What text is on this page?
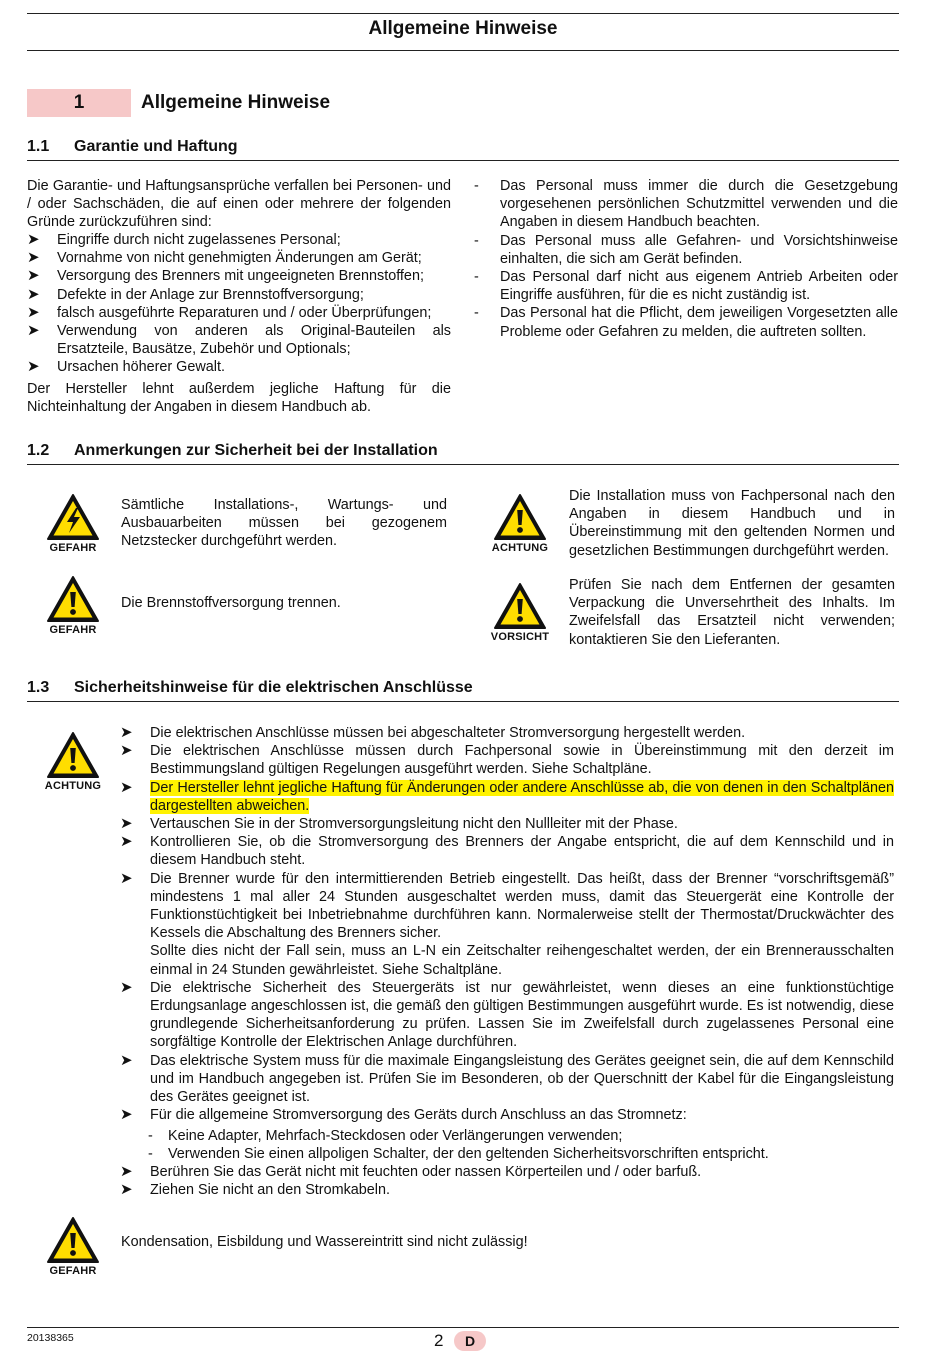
Allgemeine Hinweise
1	Allgemeine Hinweise
1.1 Garantie und Haftung

Die Garantie- und Haftungsansprüche verfallen bei Personen- und / oder Sachschäden, die auf einen oder mehrere der folgenden Gründe zurückzuführen sind:

➤ Eingriffe durch nicht zugelassenes Personal;
➤ Vornahme von nicht genehmigten Änderungen am Gerät;
➤ Versorgung des Brenners mit ungeeigneten Brennstoffen;
➤ Defekte in der Anlage zur Brennstoffversorgung;
➤ falsch ausgeführte Reparaturen und / oder Überprüfungen;
➤ Verwendung von anderen als Original-Bauteilen als Ersatzteile, Bausätze, Zubehör und Optionals;
➤ Ursachen höherer Gewalt.

Der Hersteller lehnt außerdem jegliche Haftung für die Nichteinhaltung der Angaben in diesem Handbuch ab.

- Das Personal muss immer die durch die Gesetzgebung vorgesehenen persönlichen Schutzmittel verwenden und die Angaben in diesem Handbuch beachten.
- Das Personal muss alle Gefahren- und Vorsichtshinweise einhalten, die sich am Gerät befinden.
- Das Personal darf nicht aus eigenem Antrieb Arbeiten oder Eingriffe ausführen, für die es nicht zuständig ist.
- Das Personal hat die Pflicht, dem jeweiligen Vorgesetzten alle Probleme oder Gefahren zu melden, die auftreten sollten.
1.2 Anmerkungen zur Sicherheit bei der Installation
GEFAHR

Sämtliche Installations-, Wartungs- und Ausbauarbeiten müssen bei gezogenem Netzstecker durchgeführt werden.

GEFAHR

Die Brennstoffversorgung trennen.

ACHTUNG

Die Installation muss von Fachpersonal nach den Angaben in diesem Handbuch und in Übereinstimmung mit den geltenden Normen und gesetzlichen Bestimmungen durchgeführt werden.

VORSICHT

Prüfen Sie nach dem Entfernen der gesamten Verpackung die Unversehrtheit des Inhalts. Im Zweifelsfall das Ersatzteil nicht verwenden; kontaktieren Sie den Lieferanten.

1.3 Sicherheitshinweise für die elektrischen Anschlüsse
ACHTUNG
➤ Die elektrischen Anschlüsse müssen bei abgeschalteter Stromversorgung hergestellt werden.
➤ Die elektrischen Anschlüsse müssen durch Fachpersonal sowie in Übereinstimmung mit den derzeit im Bestimmungsland gültigen Regelungen ausgeführt werden. Siehe Schaltpläne.
➤ Der Hersteller lehnt jegliche Haftung für Änderungen oder andere Anschlüsse ab, die von denen in den Schaltplänen dargestellten abweichen.
➤ Vertauschen Sie in der Stromversorgungsleitung nicht den Nullleiter mit der Phase.
➤ Kontrollieren Sie, ob die Stromversorgung des Brenners der Angabe entspricht, die auf dem Kennschild und in diesem Handbuch steht.
➤ Die Brenner wurde für den intermittierenden Betrieb eingestellt. Das heißt, dass der Brenner “vorschriftsgemäß” mindestens 1 mal aller 24 Stunden ausgeschaltet werden muss, damit das Steuergerät eine Kontrolle der Funktionstüchtigkeit bei Inbetriebnahme durchführen kann. Normalerweise stellt der Thermostat/Druckwächter des Kessels die Abschaltung des Brenners sicher.
Sollte dies nicht der Fall sein, muss an L-N ein Zeitschalter reihengeschaltet werden, der ein Brennerausschalten einmal in 24 Stunden gewährleistet. Siehe Schaltpläne.
➤ Die elektrische Sicherheit des Steuergeräts ist nur gewährleistet, wenn dieses an eine funktionstüchtige Erdungsanlage angeschlossen ist, die gemäß den gültigen Bestimmungen ausgeführt wurde. Es ist notwendig, diese grundlegende Sicherheitsanforderung zu prüfen. Lassen Sie im Zweifelsfall durch zugelassenes Personal eine sorgfältige Kontrolle der Elektrischen Anlage durchführen.
➤ Das elektrische System muss für die maximale Eingangsleistung des Gerätes geeignet sein, die auf dem Kennschild und im Handbuch angegeben ist. Prüfen Sie im Besonderen, ob der Querschnitt der Kabel für die Eingangsleistung des Gerätes geeignet ist.
➤ Für die allgemeine Stromversorgung des Geräts durch Anschluss an das Stromnetz:
- Keine Adapter, Mehrfach-Steckdosen oder Verlängerungen verwenden;
- Verwenden Sie einen allpoligen Schalter, der den geltenden Sicherheitsvorschriften entspricht.
➤ Berühren Sie das Gerät nicht mit feuchten oder nassen Körperteilen und / oder barfuß.
➤ Ziehen Sie nicht an den Stromkabeln.
GEFAHR

Kondensation, Eisbildung und Wassereintritt sind nicht zulässig!

20138365	2	D
